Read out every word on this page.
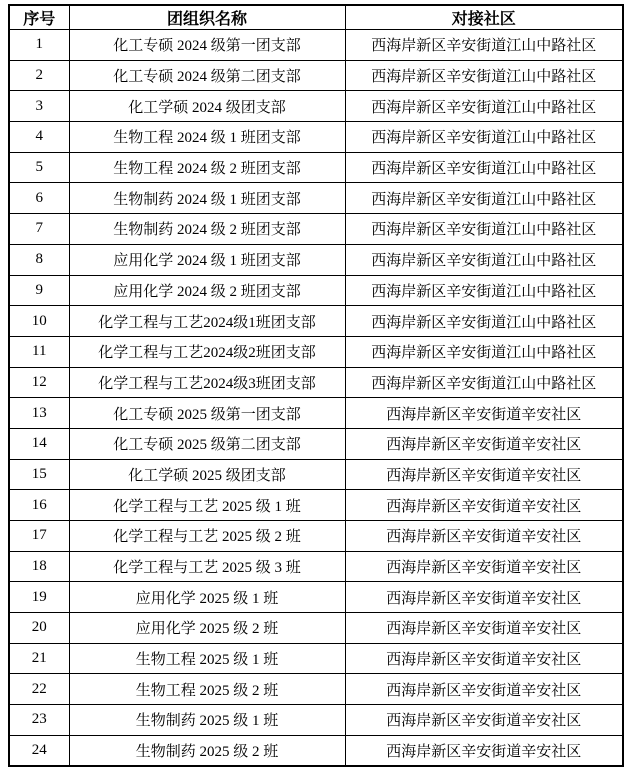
序号	团组织名称	对接社区
1	化工专硕 2024 级第一团支部	西海岸新区辛安街道江山中路社区
2	化工专硕 2024 级第二团支部	西海岸新区辛安街道江山中路社区
3	化工学硕 2024 级团支部	西海岸新区辛安街道江山中路社区
4	生物工程 2024 级 1 班团支部	西海岸新区辛安街道江山中路社区
5	生物工程 2024 级 2 班团支部	西海岸新区辛安街道江山中路社区
6	生物制药 2024 级 1 班团支部	西海岸新区辛安街道江山中路社区
7	生物制药 2024 级 2 班团支部	西海岸新区辛安街道江山中路社区
8	应用化学 2024 级 1 班团支部	西海岸新区辛安街道江山中路社区
9	应用化学 2024 级 2 班团支部	西海岸新区辛安街道江山中路社区
10	化学工程与工艺2024级1班团支部	西海岸新区辛安街道江山中路社区
11	化学工程与工艺2024级2班团支部	西海岸新区辛安街道江山中路社区
12	化学工程与工艺2024级3班团支部	西海岸新区辛安街道江山中路社区
13	化工专硕 2025 级第一团支部	西海岸新区辛安街道辛安社区
14	化工专硕 2025 级第二团支部	西海岸新区辛安街道辛安社区
15	化工学硕 2025 级团支部	西海岸新区辛安街道辛安社区
16	化学工程与工艺 2025 级 1 班	西海岸新区辛安街道辛安社区
17	化学工程与工艺 2025 级 2 班	西海岸新区辛安街道辛安社区
18	化学工程与工艺 2025 级 3 班	西海岸新区辛安街道辛安社区
19	应用化学 2025 级 1 班	西海岸新区辛安街道辛安社区
20	应用化学 2025 级 2 班	西海岸新区辛安街道辛安社区
21	生物工程 2025 级 1 班	西海岸新区辛安街道辛安社区
22	生物工程 2025 级 2 班	西海岸新区辛安街道辛安社区
23	生物制药 2025 级 1 班	西海岸新区辛安街道辛安社区
24	生物制药 2025 级 2 班	西海岸新区辛安街道辛安社区
